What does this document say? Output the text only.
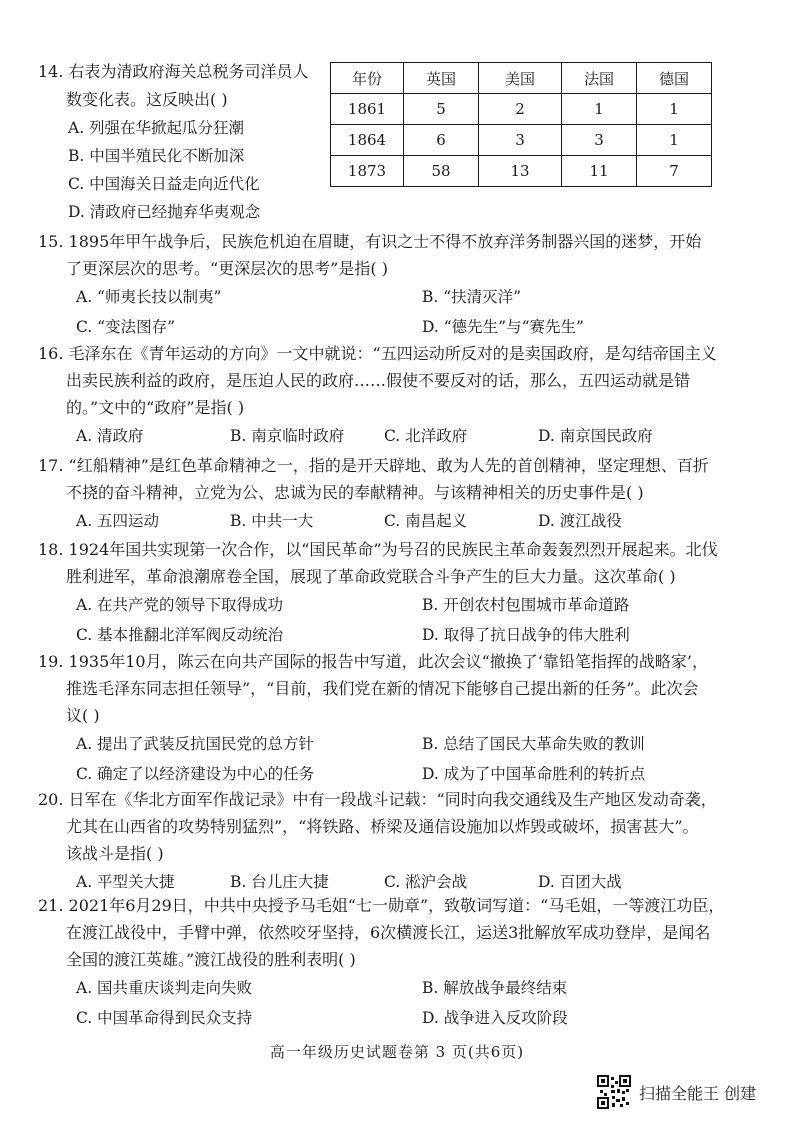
14. 右表为清政府海关总税务司洋员人

数变化表。这反映出( )

A. 列强在华掀起瓜分狂潮
B. 中国半殖民化不断加深
C. 中国海关日益走向近代化
D. 清政府已经抛弃华夷观念
年份	英国	美国	法国	德国
1861	5	2	1	1
1864	6	3	3	1
1873	58	13	11	7

15. 1895年甲午战争后，民族危机迫在眉睫，有识之士不得不放弃洋务制器兴国的迷梦，开始

了更深层次的思考。“更深层次的思考”是指( )

A. “师夷长技以制夷”	B. “扶清灭洋”
C. “变法图存”	D. “德先生”与“赛先生”

16. 毛泽东在《青年运动的方向》一文中就说：“五四运动所反对的是卖国政府，是勾结帝国主义

出卖民族利益的政府，是压迫人民的政府……假使不要反对的话，那么，五四运动就是错
的。”文中的“政府”是指( )

A. 清政府	B. 南京临时政府	C. 北洋政府	D. 南京国民政府

17. “红船精神”是红色革命精神之一，指的是开天辟地、敢为人先的首创精神，坚定理想、百折

不挠的奋斗精神，立党为公、忠诚为民的奉献精神。与该精神相关的历史事件是( )

A. 五四运动	B. 中共一大	C. 南昌起义	D. 渡江战役

18. 1924年国共实现第一次合作，以“国民革命”为号召的民族民主革命轰轰烈烈开展起来。北伐

胜利进军，革命浪潮席卷全国，展现了革命政党联合斗争产生的巨大力量。这次革命( )

A. 在共产党的领导下取得成功	B. 开创农村包围城市革命道路
C. 基本推翻北洋军阀反动统治	D. 取得了抗日战争的伟大胜利

19. 1935年10月，陈云在向共产国际的报告中写道，此次会议“撤换了‘靠铅笔指挥的战略家’，

推选毛泽东同志担任领导”，“目前，我们党在新的情况下能够自己提出新的任务”。此次会
议( )

A. 提出了武装反抗国民党的总方针	B. 总结了国民大革命失败的教训
C. 确定了以经济建设为中心的任务	D. 成为了中国革命胜利的转折点

20. 日军在《华北方面军作战记录》中有一段战斗记载：“同时向我交通线及生产地区发动奇袭，

尤其在山西省的攻势特别猛烈”，“将铁路、桥梁及通信设施加以炸毁或破坏，损害甚大”。
该战斗是指( )

A. 平型关大捷	B. 台儿庄大捷	C. 淞沪会战	D. 百团大战

21. 2021年6月29日，中共中央授予马毛姐“七一勋章”，致敬词写道：“马毛姐，一等渡江功臣，

在渡江战役中，手臂中弹，依然咬牙坚持，6次横渡长江，运送3批解放军成功登岸，是闻名
全国的渡江英雄。”渡江战役的胜利表明( )

A. 国共重庆谈判走向失败	B. 解放战争最终结束
C. 中国革命得到民众支持	D. 战争进入反攻阶段
高一年级历史试题卷第 3 页(共6页)
扫描全能王 创建
